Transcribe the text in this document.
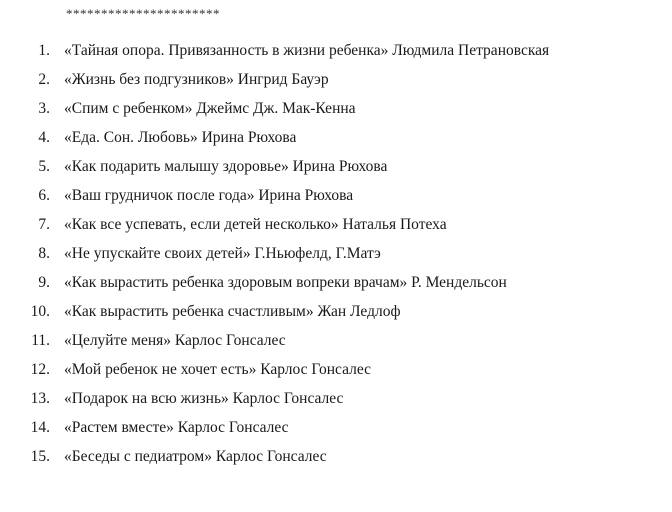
**********************
1. «Тайная опора. Привязанность в жизни ребенка» Людмила Петрановская
2. «Жизнь без подгузников» Ингрид Бауэр
3. «Спим с ребенком» Джеймс Дж. Мак-Кенна
4. «Еда. Сон. Любовь» Ирина Рюхова
5. «Как подарить малышу здоровье» Ирина Рюхова
6. «Ваш грудничок после года» Ирина Рюхова
7. «Как все успевать, если детей несколько» Наталья Потеха
8. «Не упускайте своих детей» Г.Ньюфелд, Г.Матэ
9. «Как вырастить ребенка здоровым вопреки врачам» Р. Мендельсон
10. «Как вырастить ребенка счастливым» Жан Ледлоф
11. «Целуйте меня» Карлос Гонсалес
12. «Мой ребенок не хочет есть» Карлос Гонсалес
13. «Подарок на всю жизнь» Карлос Гонсалес
14. «Растем вместе» Карлос Гонсалес
15. «Беседы с педиатром» Карлос Гонсалес
